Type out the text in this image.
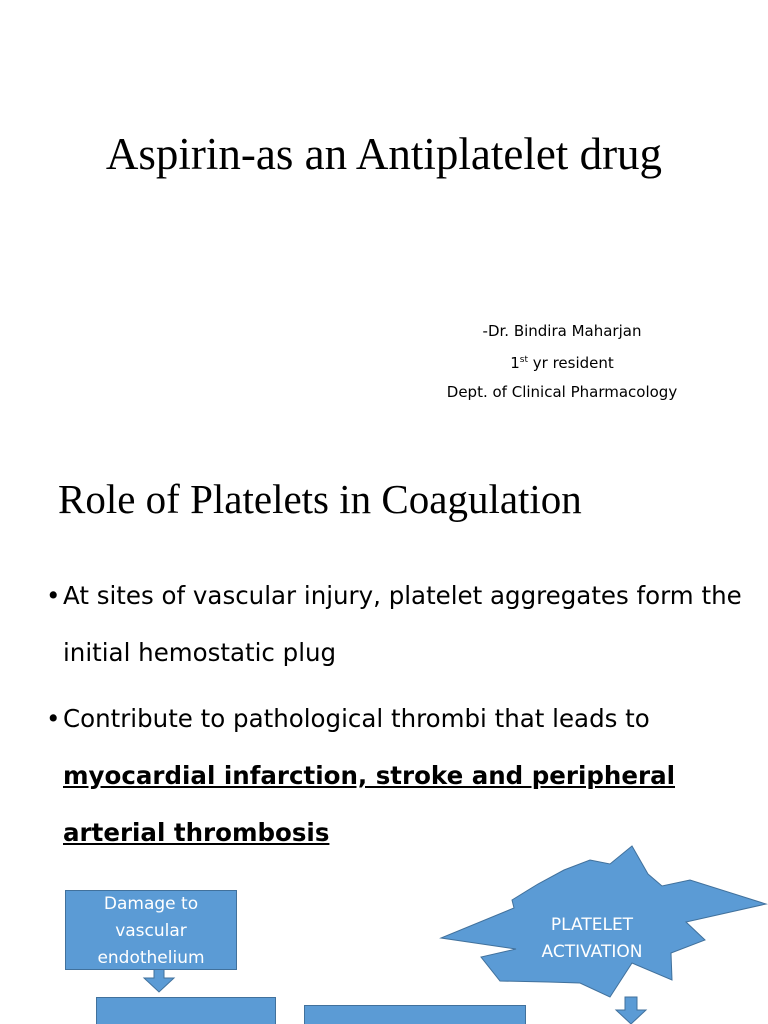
Aspirin-as an Antiplatelet drug
-Dr. Bindira Maharjan
1st yr resident
Dept. of Clinical Pharmacology
Role of Platelets in Coagulation
• At sites of vascular injury, platelet aggregates form the initial hemostatic plug
• Contribute to pathological thrombi that leads to myocardial infarction, stroke and peripheral arterial thrombosis
Damage to vascular endothelium
PLATELET ACTIVATION
